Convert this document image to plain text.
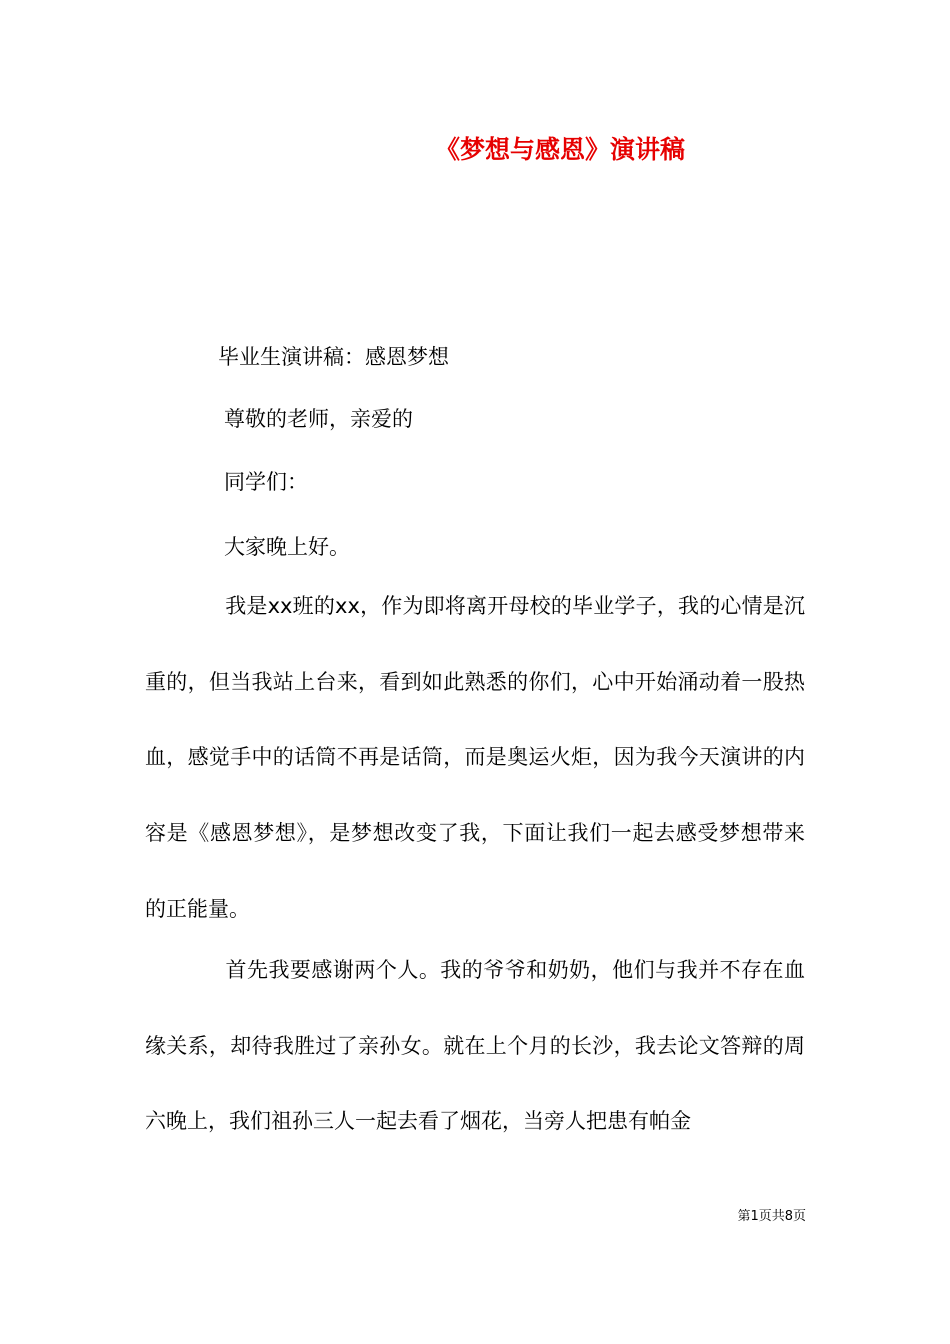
《梦想与感恩》演讲稿
毕业生演讲稿：感恩梦想
尊敬的老师，亲爱的
同学们：
大家晚上好。
我是xx班的xx，作为即将离开母校的毕业学子，我的心情是沉重的，但当我站上台来，看到如此熟悉的你们，心中开始涌动着一股热血，感觉手中的话筒不再是话筒，而是奥运火炬，因为我今天演讲的内容是《感恩梦想》，是梦想改变了我，下面让我们一起去感受梦想带来的正能量。
首先我要感谢两个人。我的爷爷和奶奶，他们与我并不存在血缘关系，却待我胜过了亲孙女。就在上个月的长沙，我去论文答辩的周六晚上，我们祖孙三人一起去看了烟花，当旁人把患有帕金
第1页共8页
